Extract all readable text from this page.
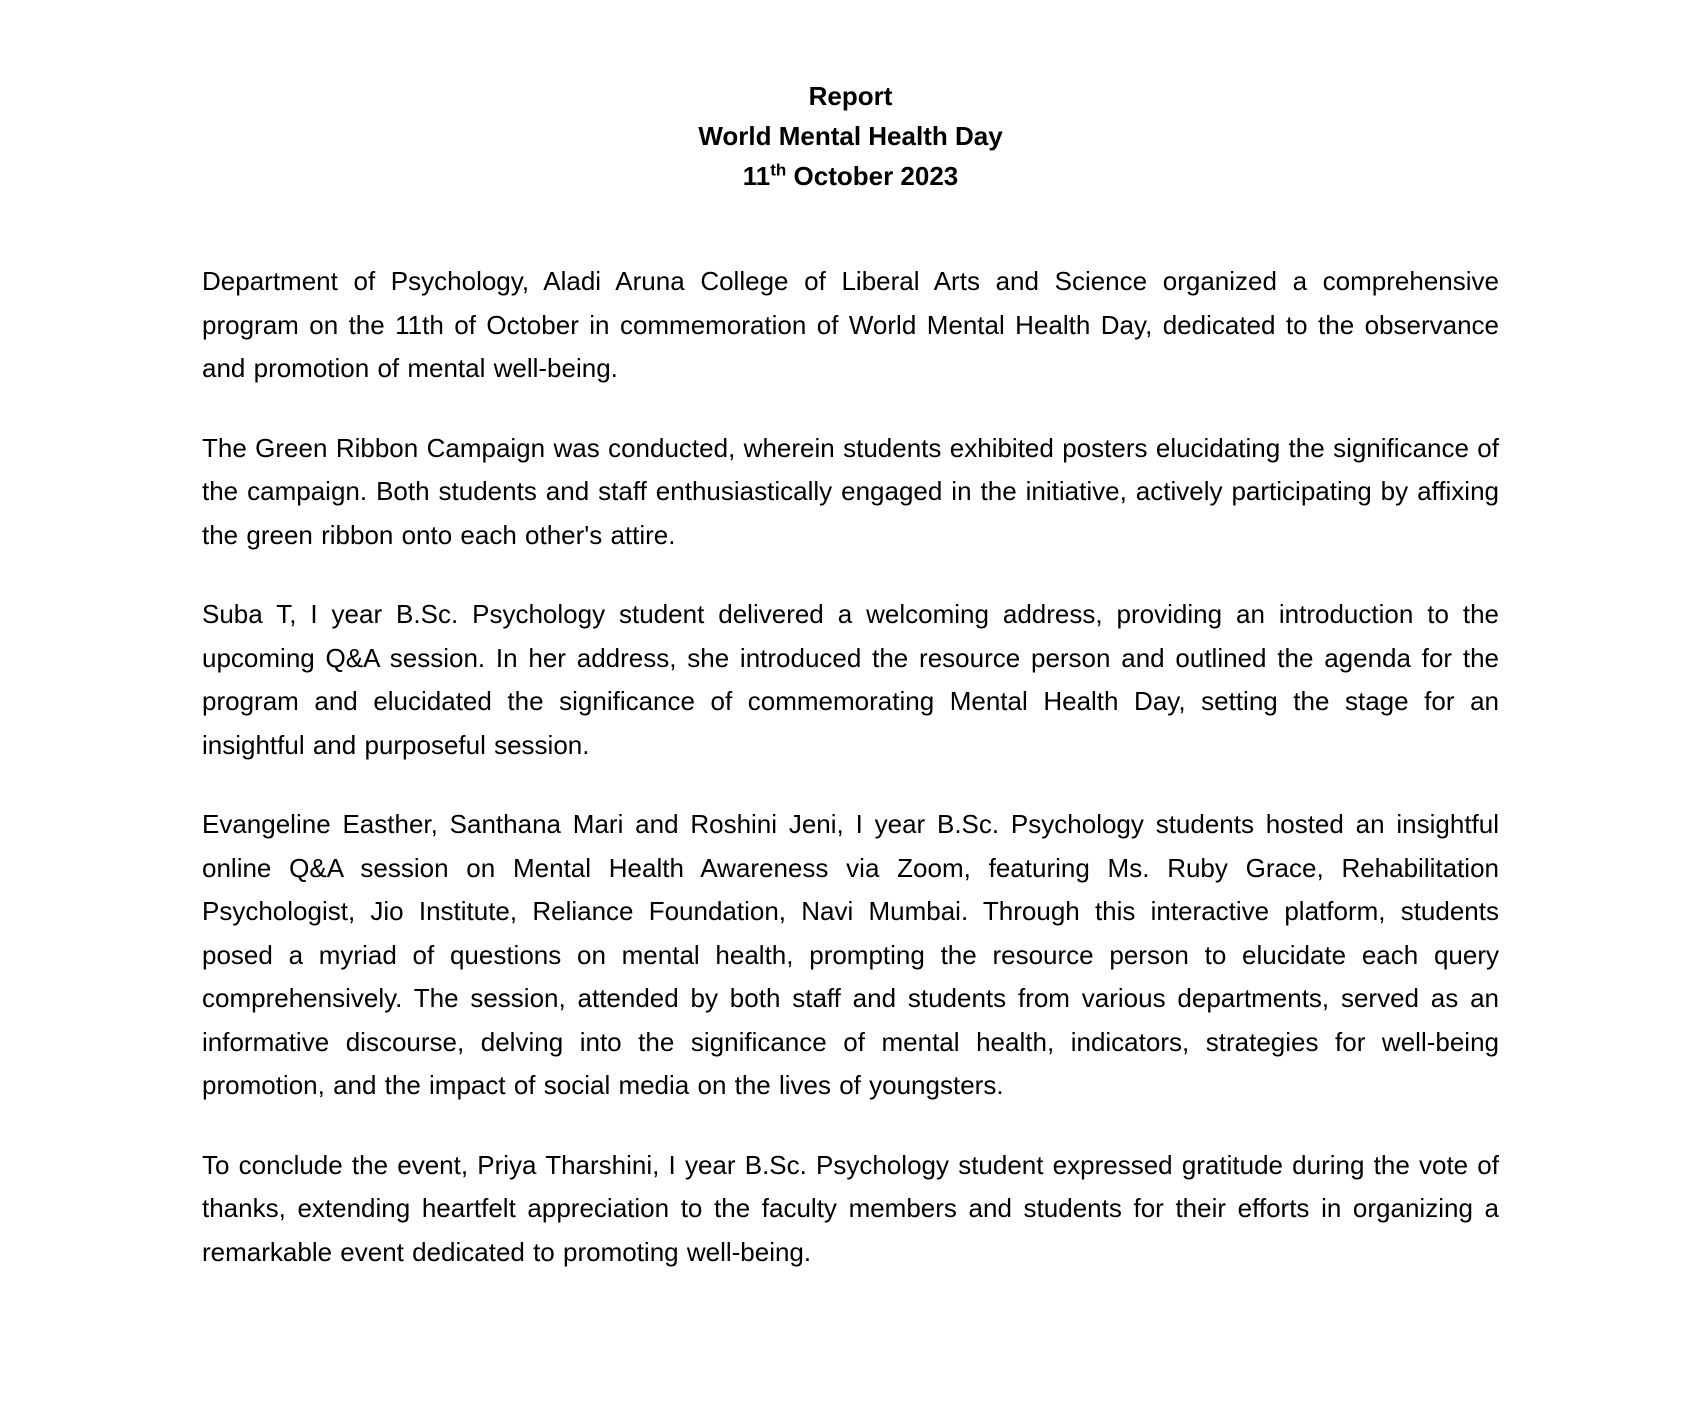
Report
World Mental Health Day
11th October 2023

Department of Psychology, Aladi Aruna College of Liberal Arts and Science organized a comprehensive program on the 11th of October in commemoration of World Mental Health Day, dedicated to the observance and promotion of mental well-being.

The Green Ribbon Campaign was conducted, wherein students exhibited posters elucidating the significance of the campaign. Both students and staff enthusiastically engaged in the initiative, actively participating by affixing the green ribbon onto each other's attire.

Suba T, I year B.Sc. Psychology student delivered a welcoming address, providing an introduction to the upcoming Q&A session. In her address, she introduced the resource person and outlined the agenda for the program and elucidated the significance of commemorating Mental Health Day, setting the stage for an insightful and purposeful session.

Evangeline Easther, Santhana Mari and Roshini Jeni, I year B.Sc. Psychology students hosted an insightful online Q&A session on Mental Health Awareness via Zoom, featuring Ms. Ruby Grace, Rehabilitation Psychologist, Jio Institute, Reliance Foundation, Navi Mumbai. Through this interactive platform, students posed a myriad of questions on mental health, prompting the resource person to elucidate each query comprehensively. The session, attended by both staff and students from various departments, served as an informative discourse, delving into the significance of mental health, indicators, strategies for well-being promotion, and the impact of social media on the lives of youngsters.

To conclude the event, Priya Tharshini, I year B.Sc. Psychology student expressed gratitude during the vote of thanks, extending heartfelt appreciation to the faculty members and students for their efforts in organizing a remarkable event dedicated to promoting well-being.
